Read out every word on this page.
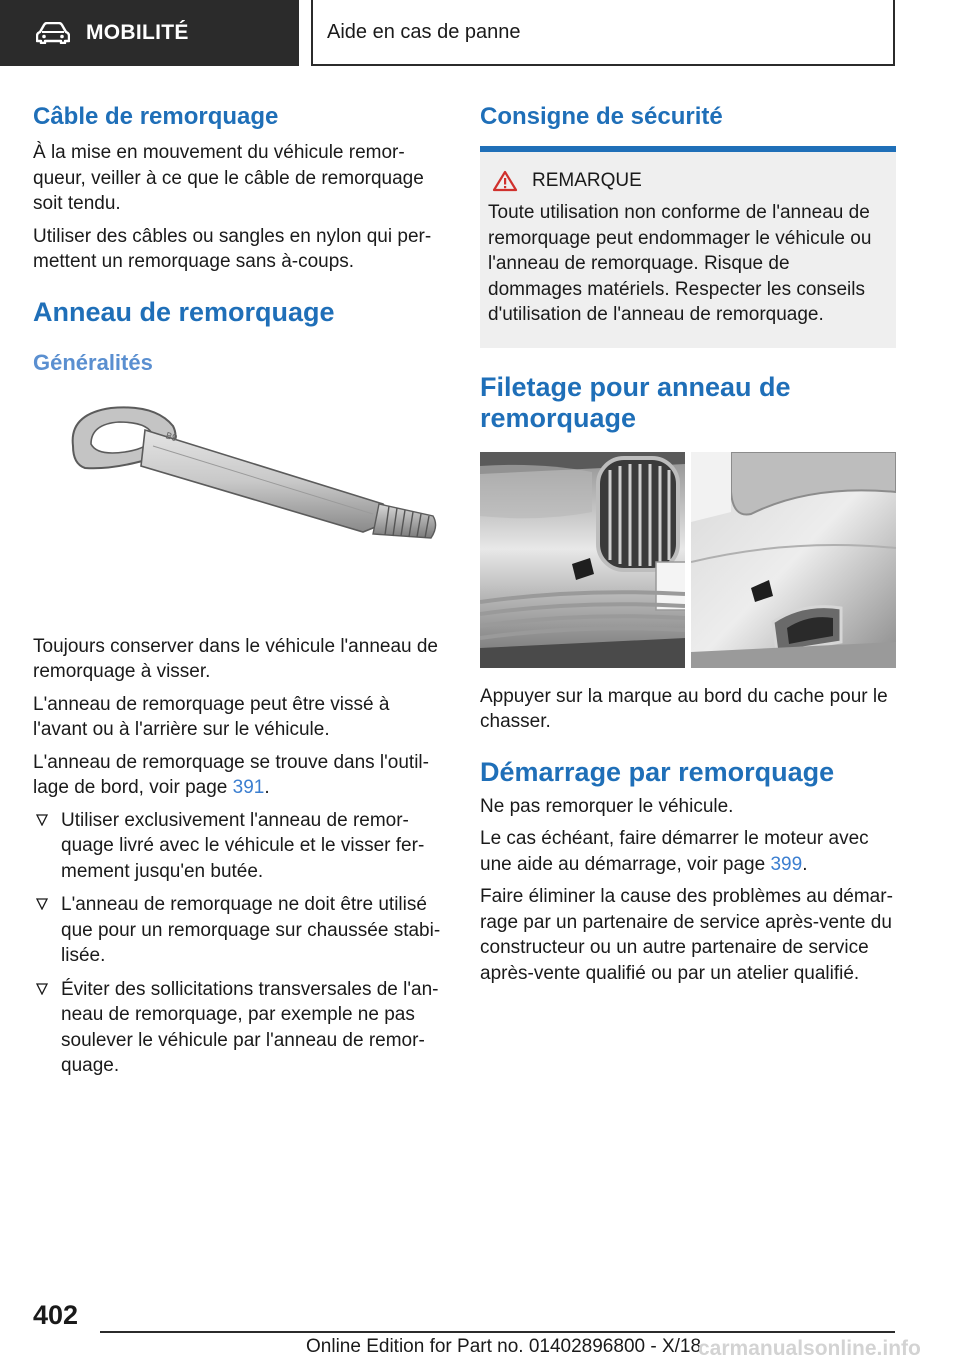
MOBILITÉ	Aide en cas de panne
Câble de remorquage

À la mise en mouvement du véhicule remor-queur, veiller à ce que le câble de remorquage soit tendu.

Utiliser des câbles ou sangles en nylon qui per-mettent un remorquage sans à-coups.

Anneau de remorquage
Généralités
B9

Toujours conserver dans le véhicule l'anneau de remorquage à visser.

L'anneau de remorquage peut être vissé à l'avant ou à l'arrière sur le véhicule.

L'anneau de remorquage se trouve dans l'outil-lage de bord, voir page 391.

Utiliser exclusivement l'anneau de remor-quage livré avec le véhicule et le visser fer-mement jusqu'en butée.
L'anneau de remorquage ne doit être utilisé que pour un remorquage sur chaussée stabi-lisée.
Éviter des sollicitations transversales de l'an-neau de remorquage, par exemple ne pas soulever le véhicule par l'anneau de remor-quage.
Consigne de sécurité
REMARQUE
Toute utilisation non conforme de l'anneau de remorquage peut endommager le véhicule ou l'anneau de remorquage. Risque de dommages matériels. Respecter les conseils d'utilisation de l'anneau de remorquage.
Filetage pour anneau de remorquage

Appuyer sur la marque au bord du cache pour le chasser.

Démarrage par remorquage

Ne pas remorquer le véhicule.

Le cas échéant, faire démarrer le moteur avec une aide au démarrage, voir page 399.

Faire éliminer la cause des problèmes au démar-rage par un partenaire de service après-vente du constructeur ou un autre partenaire de service après-vente qualifié ou par un atelier qualifié.

402
Online Edition for Part no. 01402896800 - X/18
carmanualsonline.info
